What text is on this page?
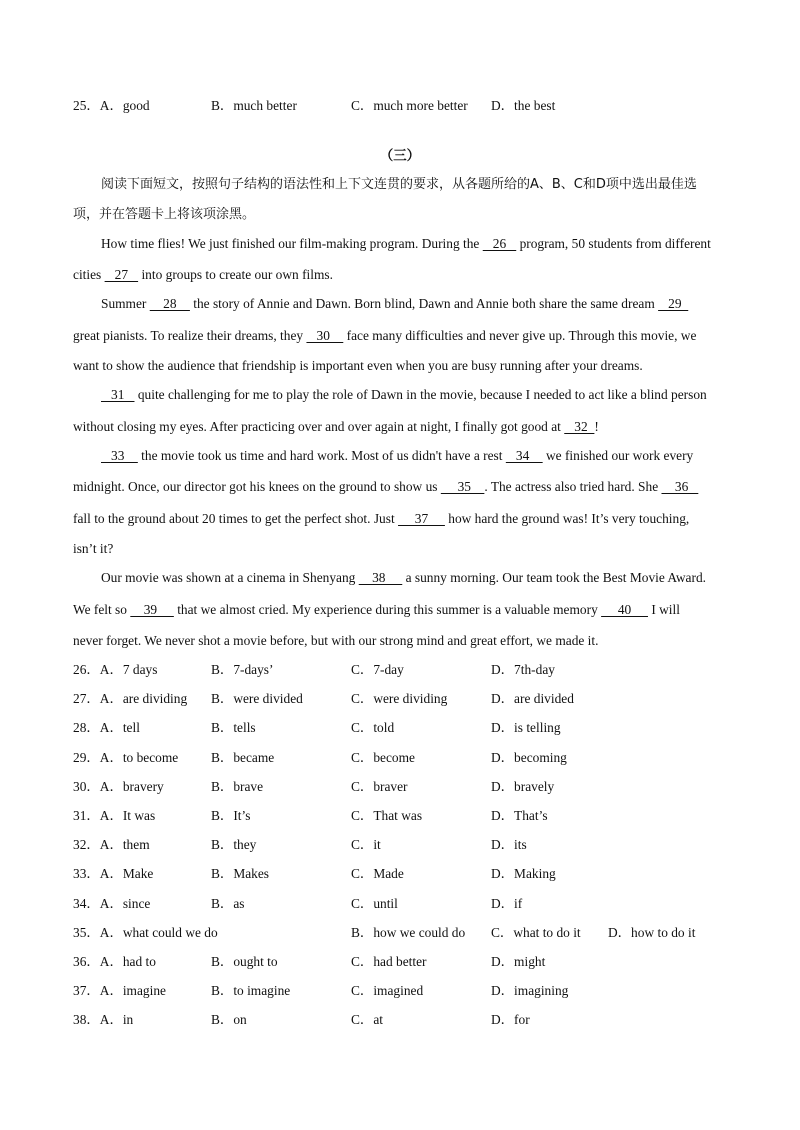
25．A．good	B．much better	C．much more better D．the best
（三）
阅读下面短文，按照句子结构的语法性和上下文连贯的要求，从各题所给的A、B、C和D项中选出最佳选
项，并在答题卡上将该项涂黑。
How time flies! We just finished our film-making program. During the    26    program, 50 students from different
cities    27    into groups to create our own films.
Summer     28     the story of Annie and Dawn. Born blind, Dawn and Annie both share the same dream    29
great pianists. To realize their dreams, they    30     face many difficulties and never give up. Through this movie, we
want to show the audience that friendship is important even when you are busy running after your dreams.
31    quite challenging for me to play the role of Dawn in the movie, because I needed to act like a blind person
without closing my eyes. After practicing over and over again at night, I finally got good at    32  !
33     the movie took us time and hard work. Most of us didn't have a rest    34     we finished our work every
midnight. Once, our director got his knees on the ground to show us      35    . The actress also tried hard. She     36
fall to the ground about 20 times to get the perfect shot. Just      37      how hard the ground was! It’s very touching,
isn’t it?
Our movie was shown at a cinema in Shenyang     38      a sunny morning. Our team took the Best Movie Award.
We felt so     39      that we almost cried. My experience during this summer is a valuable memory      40      I will
never forget. We never shot a movie before, but with our strong mind and great effort, we made it.
26．A．7 days	B．7-days’	C．7-day	D．7th-day
27．A．are dividing B．were divided	C．were dividing	D．are divided
28．A．tell	B．tells	C．told	D．is telling
29．A．to become B．became	C．become	D．becoming
30．A．bravery	B．brave	C．braver	D．bravely
31．A．It was	B．It’s	C．That was	D．That’s
32．A．them	B．they	C．it	D．its
33．A．Make	B．Makes	C．Made	D．Making
34．A．since	B．as	C．until	D．if
35．A．what could we do	B．how we could do C．what to do it D．how to do it
36．A．had to	B．ought to	C．had better	D．might
37．A．imagine	B．to imagine	C．imagined	D．imagining
38．A．in	B．on	C．at	D．for
